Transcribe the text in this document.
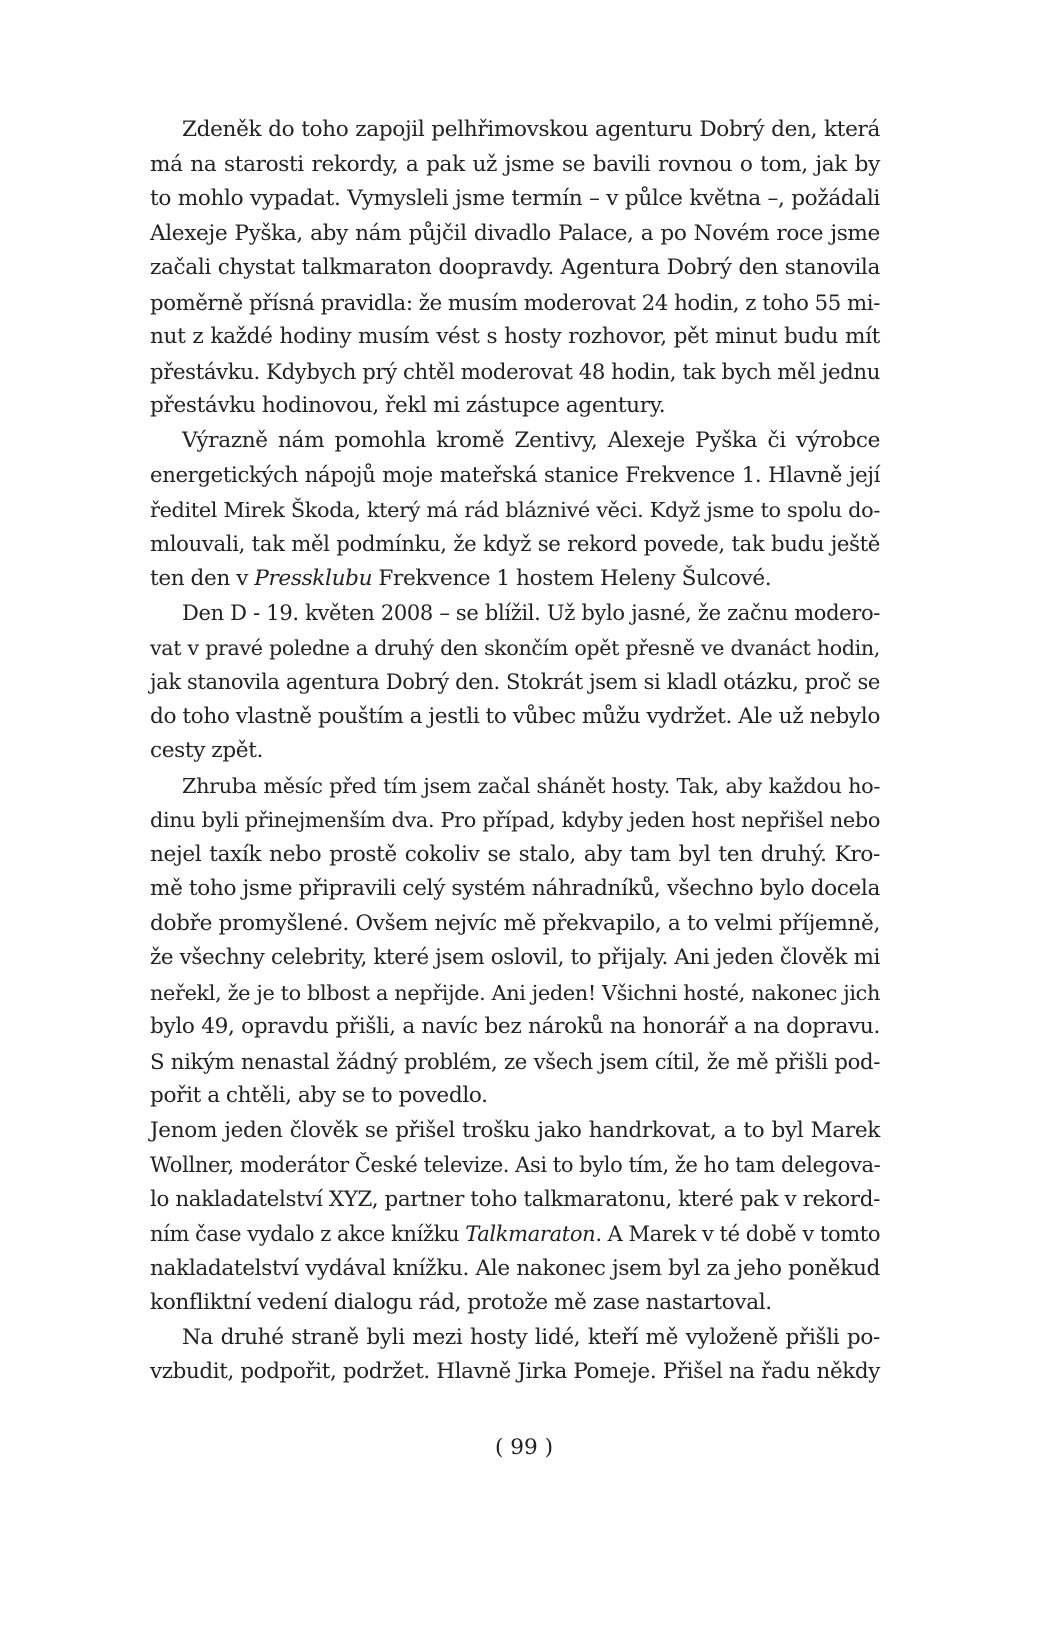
Zdeněk do toho zapojil pelhřimovskou agenturu Dobrý den, která
má na starosti rekordy, a pak už jsme se bavili rovnou o tom, jak by
to mohlo vypadat. Vymysleli jsme termín – v půlce května –, požádali
Alexeje Pyška, aby nám půjčil divadlo Palace, a po Novém roce jsme
začali chystat talkmaraton doopravdy. Agentura Dobrý den stanovila
poměrně přísná pravidla: že musím moderovat 24 hodin, z toho 55 mi-
nut z každé hodiny musím vést s hosty rozhovor, pět minut budu mít
přestávku. Kdybych prý chtěl moderovat 48 hodin, tak bych měl jednu
přestávku hodinovou, řekl mi zástupce agentury.
Výrazně nám pomohla kromě Zentivy, Alexeje Pyška či výrobce
energetických nápojů moje mateřská stanice Frekvence 1. Hlavně její
ředitel Mirek Škoda, který má rád bláznivé věci. Když jsme to spolu do-
mlouvali, tak měl podmínku, že když se rekord povede, tak budu ještě
ten den v Pressklubu Frekvence 1 hostem Heleny Šulcové.
Den D - 19. květen 2008 – se blížil. Už bylo jasné, že začnu modero-
vat v pravé poledne a druhý den skončím opět přesně ve dvanáct hodin,
jak stanovila agentura Dobrý den. Stokrát jsem si kladl otázku, proč se
do toho vlastně pouštím a jestli to vůbec můžu vydržet. Ale už nebylo
cesty zpět.
Zhruba měsíc před tím jsem začal shánět hosty. Tak, aby každou ho-
dinu byli přinejmenším dva. Pro případ, kdyby jeden host nepřišel nebo
nejel taxík nebo prostě cokoliv se stalo, aby tam byl ten druhý. Kro-
mě toho jsme připravili celý systém náhradníků, všechno bylo docela
dobře promyšlené. Ovšem nejvíc mě překvapilo, a to velmi příjemně,
že všechny celebrity, které jsem oslovil, to přijaly. Ani jeden člověk mi
neřekl, že je to blbost a nepřijde. Ani jeden! Všichni hosté, nakonec jich
bylo 49, opravdu přišli, a navíc bez nároků na honorář a na dopravu.
S nikým nenastal žádný problém, ze všech jsem cítil, že mě přišli pod-
pořit a chtěli, aby se to povedlo.
Jenom jeden člověk se přišel trošku jako handrkovat, a to byl Marek
Wollner, moderátor České televize. Asi to bylo tím, že ho tam delegova-
lo nakladatelství XYZ, partner toho talkmaratonu, které pak v rekord-
ním čase vydalo z akce knížku Talkmaraton. A Marek v té době v tomto
nakladatelství vydával knížku. Ale nakonec jsem byl za jeho poněkud
konfliktní vedení dialogu rád, protože mě zase nastartoval.
Na druhé straně byli mezi hosty lidé, kteří mě vyloženě přišli po-
vzbudit, podpořit, podržet. Hlavně Jirka Pomeje. Přišel na řadu někdy
( 99 )
